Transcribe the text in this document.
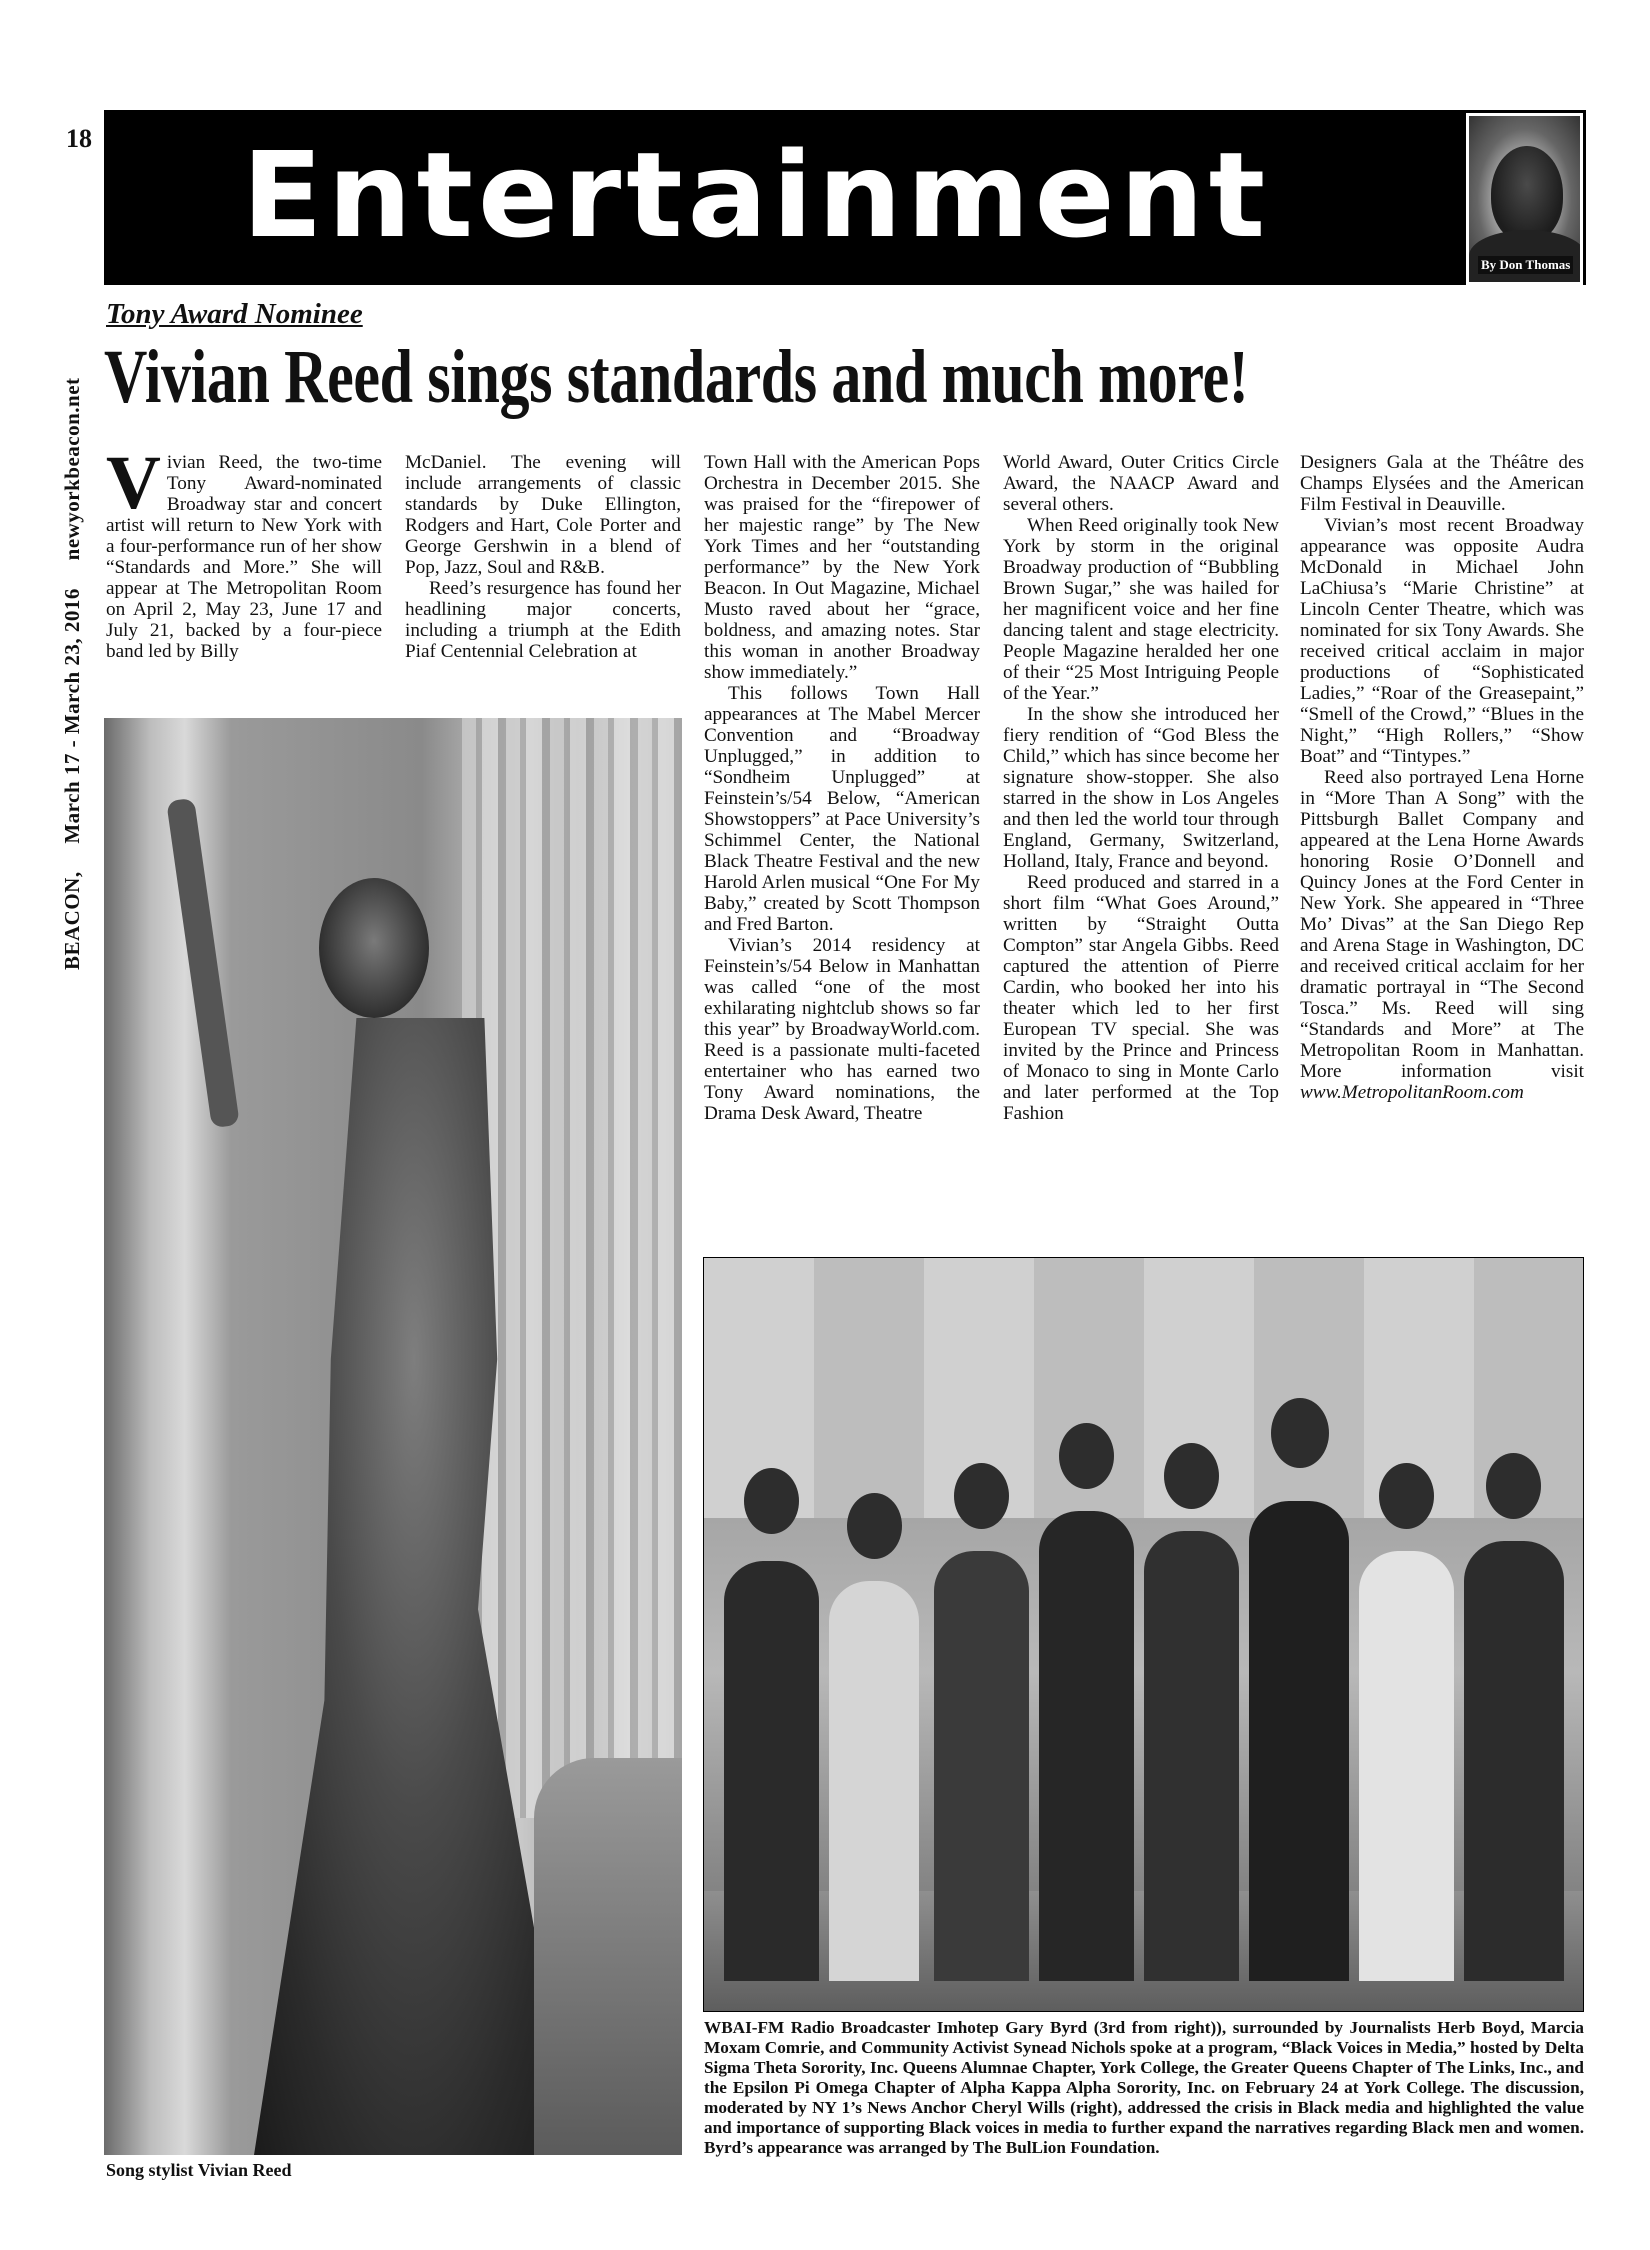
18 Entertainment
By Don Thomas
BEACON, March 17 - March 23, 2016 newyorkbeacon.net
Tony Award Nominee
Vivian Reed sings standards and much more!
V ivian Reed, the two-time Tony Award-nominated Broadway star and concert artist will return to New York with a four-performance run of her show “Standards and More.” She will appear at The Metropolitan Room on April 2, May 23, June 17 and July 21, backed by a four-piece band led by Billy

McDaniel. The evening will include arrangements of classic standards by Duke Ellington, Rodgers and Hart, Cole Porter and George Gershwin in a blend of Pop, Jazz, Soul and R&B.

Reed’s resurgence has found her headlining major concerts, including a triumph at the Edith Piaf Centennial Celebration at

Town Hall with the American Pops Orchestra in December 2015. She was praised for the “firepower of her majestic range” by The New York Times and her “outstanding performance” by the New York Beacon. In Out Magazine, Michael Musto raved about her “grace, boldness, and amazing notes. Star this woman in another Broadway show immediately.”

This follows Town Hall appearances at The Mabel Mercer Convention and “Broadway Unplugged,” in addition to “Sondheim Unplugged” at Feinstein’s/54 Below, “American Showstoppers” at Pace University’s Schimmel Center, the National Black Theatre Festival and the new Harold Arlen musical “One For My Baby,” created by Scott Thompson and Fred Barton.

Vivian’s 2014 residency at Feinstein’s/54 Below in Manhattan was called “one of the most exhilarating nightclub shows so far this year” by BroadwayWorld.com. Reed is a passionate multi-faceted entertainer who has earned two Tony Award nominations, the Drama Desk Award, Theatre

World Award, Outer Critics Circle Award, the NAACP Award and several others.

When Reed originally took New York by storm in the original Broadway production of “Bubbling Brown Sugar,” she was hailed for her magnificent voice and her fine dancing talent and stage electricity. People Magazine heralded her one of their “25 Most Intriguing People of the Year.”

In the show she introduced her fiery rendition of “God Bless the Child,” which has since become her signature show-stopper. She also starred in the show in Los Angeles and then led the world tour through England, Germany, Switzerland, Holland, Italy, France and beyond.

Reed produced and starred in a short film “What Goes Around,” written by “Straight Outta Compton” star Angela Gibbs. Reed captured the attention of Pierre Cardin, who booked her into his theater which led to her first European TV special. She was invited by the Prince and Princess of Monaco to sing in Monte Carlo and later performed at the Top Fashion

Designers Gala at the Théâtre des Champs Elysées and the American Film Festival in Deauville.

Vivian’s most recent Broadway appearance was opposite Audra McDonald in Michael John LaChiusa’s “Marie Christine” at Lincoln Center Theatre, which was nominated for six Tony Awards. She received critical acclaim in major productions of “Sophisticated Ladies,” “Roar of the Greasepaint,” “Smell of the Crowd,” “Blues in the Night,” “High Rollers,” “Show Boat” and “Tintypes.”

Reed also portrayed Lena Horne in “More Than A Song” with the Pittsburgh Ballet Company and appeared at the Lena Horne Awards honoring Rosie O’Donnell and Quincy Jones at the Ford Center in New York. She appeared in “Three Mo’ Divas” at the San Diego Rep and Arena Stage in Washington, DC and received critical acclaim for her dramatic portrayal in “The Second Tosca.” Ms. Reed will sing “Standards and More” at The Metropolitan Room in Manhattan. More information visit www.MetropolitanRoom.com

Song stylist Vivian Reed
WBAI-FM Radio Broadcaster Imhotep Gary Byrd (3rd from right)), surrounded by Journalists Herb Boyd, Marcia Moxam Comrie, and Community Activist Synead Nichols spoke at a program, “Black Voices in Media,” hosted by Delta Sigma Theta Sorority, Inc. Queens Alumnae Chapter, York College, the Greater Queens Chapter of The Links, Inc., and the Epsilon Pi Omega Chapter of Alpha Kappa Alpha Sorority, Inc. on February 24 at York College. The discussion, moderated by NY 1’s News Anchor Cheryl Wills (right), addressed the crisis in Black media and highlighted the value and importance of supporting Black voices in media to further expand the narratives regarding Black men and women. Byrd’s appearance was arranged by The BulLion Foundation.
